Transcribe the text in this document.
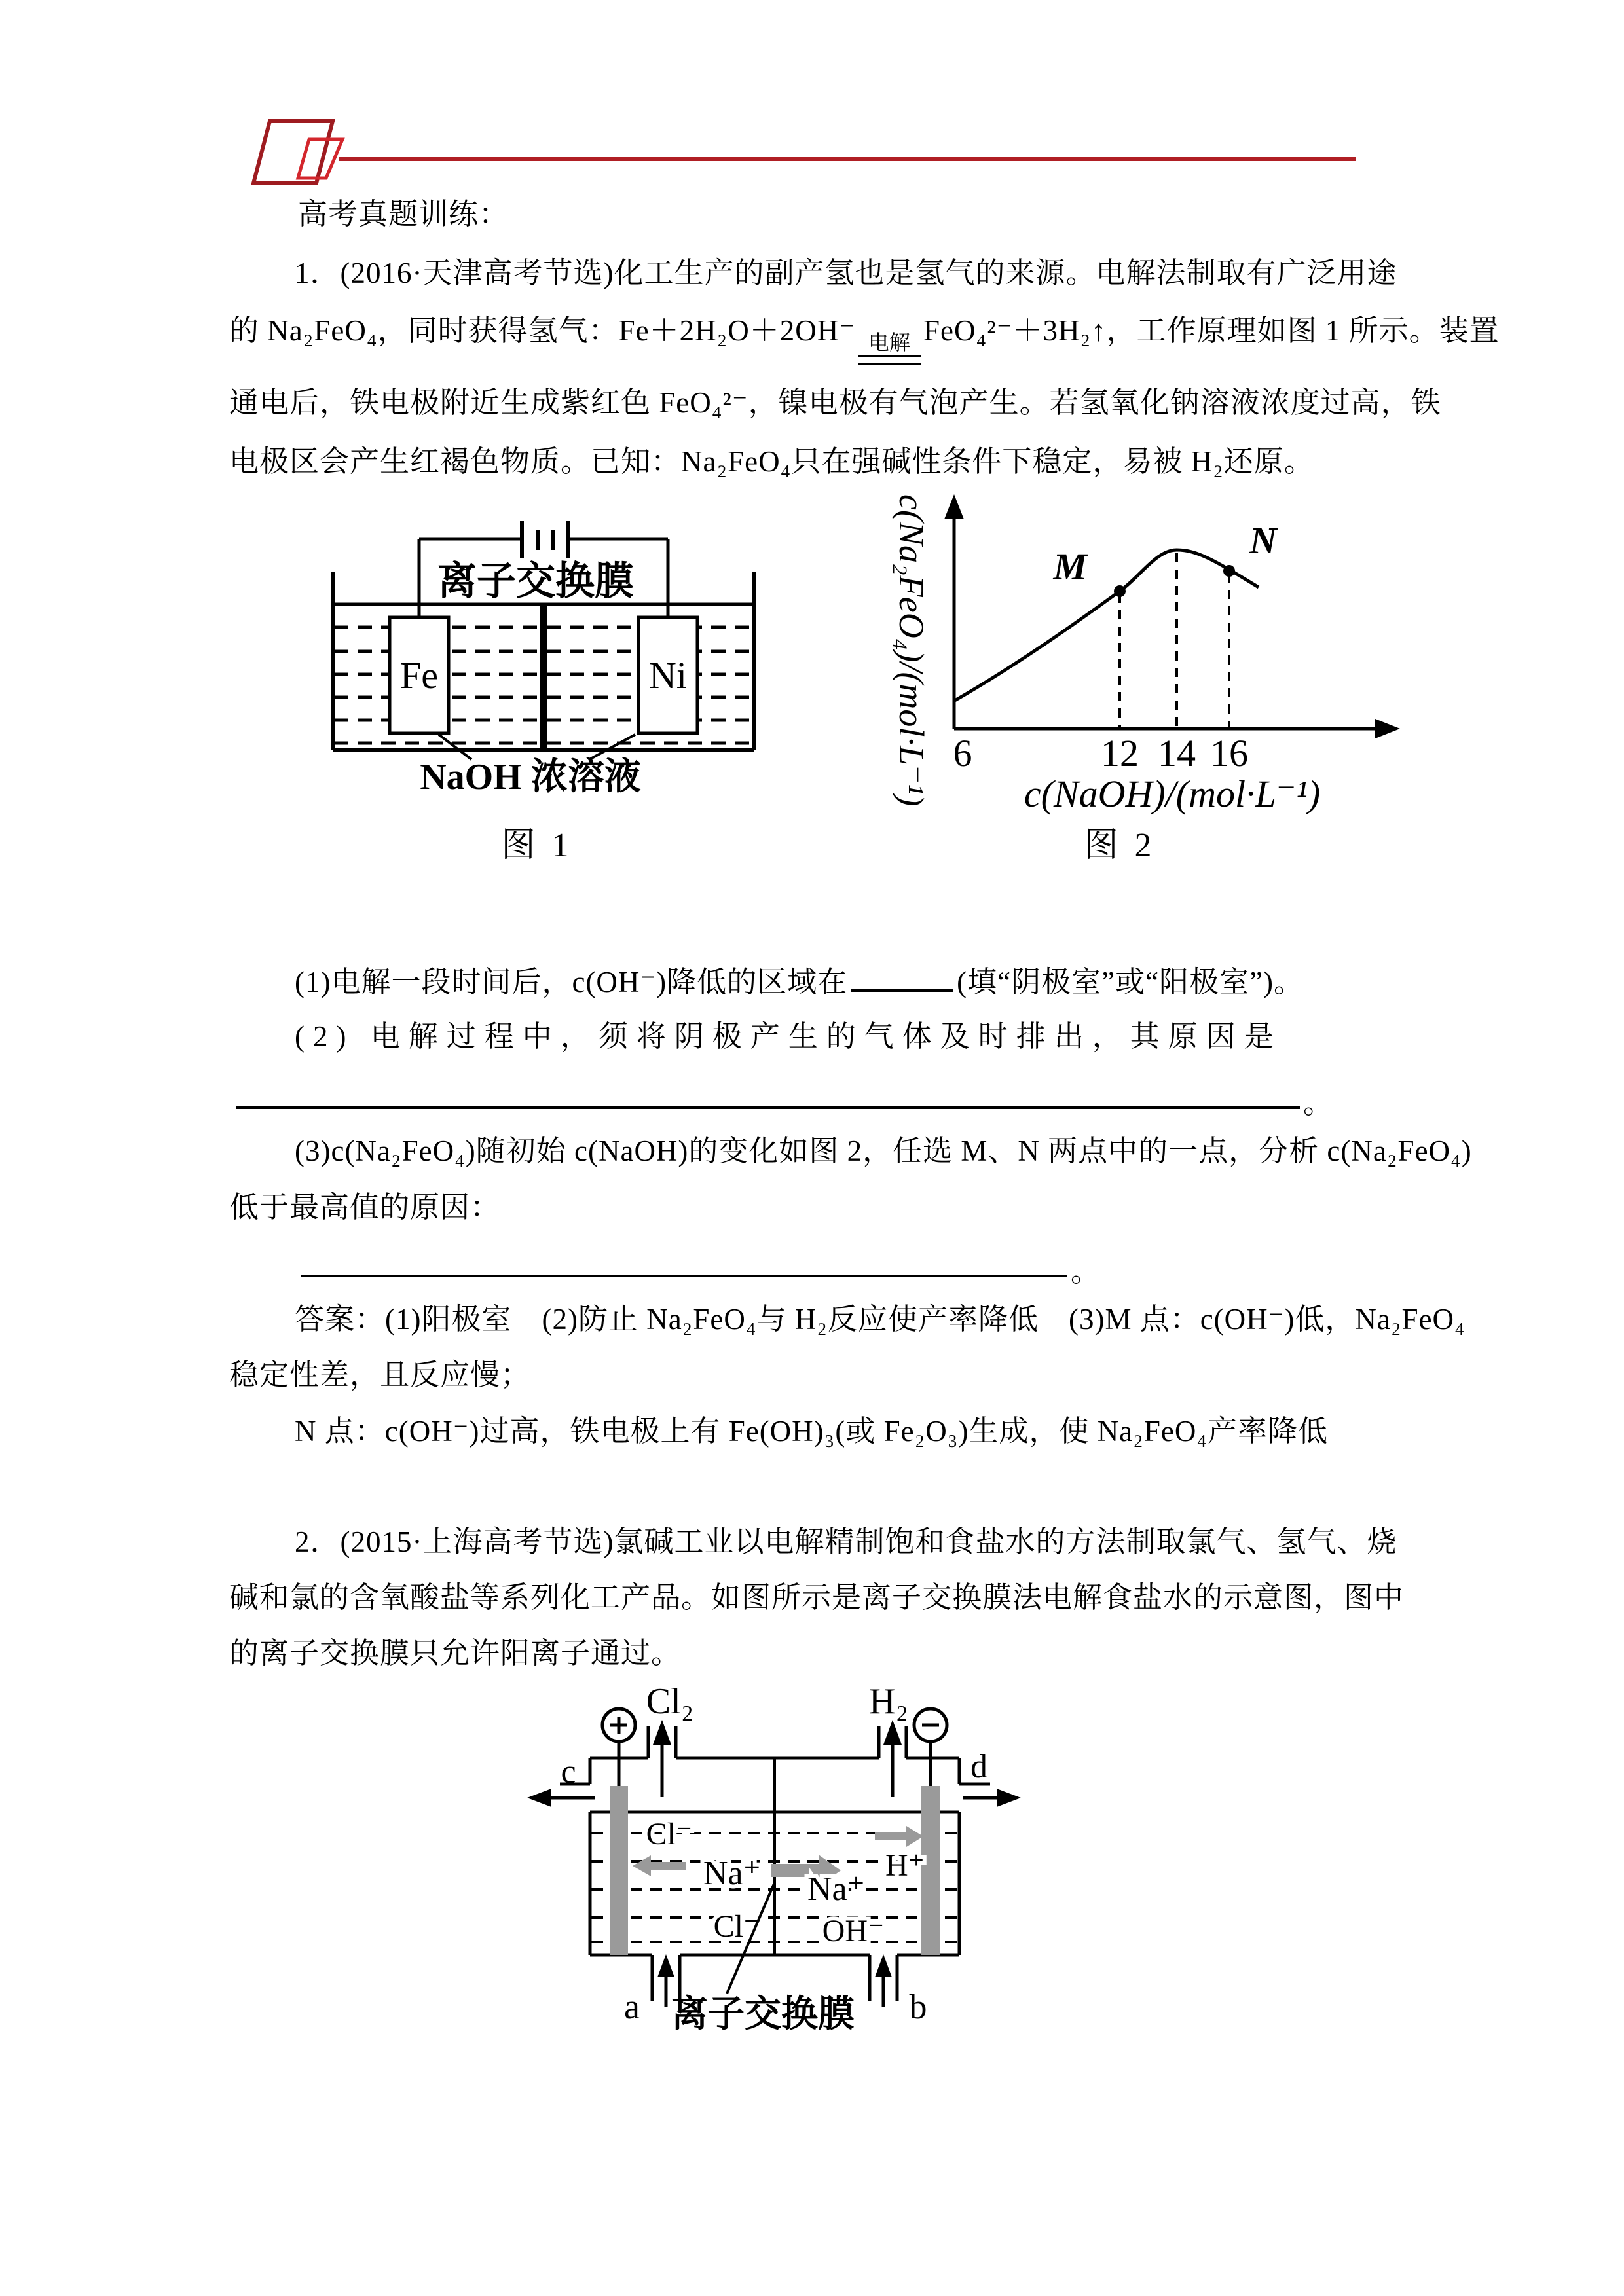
高考真题训练：
1．(2016·天津高考节选)化工生产的副产氢也是氢气的来源。电解法制取有广泛用途
的 Na₂FeO₄，同时获得氢气：Fe＋2H₂O＋2OH⁻ 电解 FeO₄²⁻＋3H₂↑，工作原理如图 1 所示。装置
通电后，铁电极附近生成紫红色 FeO₄²⁻，镍电极有气泡产生。若氢氧化钠溶液浓度过高，铁
电极区会产生红褐色物质。已知：Na₂FeO₄只在强碱性条件下稳定，易被 H₂还原。
离子交换膜
Fe	Ni
NaOH 浓溶液
图 1
c(Na₂FeO₄)/(mol·L⁻¹)	M
N
6	12 14 16
c(NaOH)/(mol·L⁻¹)
图 2
(1)电解一段时间后，c(OH⁻)降低的区域在	(填“阴极室”或“阳极室”)。
(2) 电解过程中，须将阴极产生的气体及时排出，其原因是
。
(3)c(Na₂FeO₄)随初始 c(NaOH)的变化如图 2，任选 M、N 两点中的一点，分析 c(Na₂FeO₄)
低于最高值的原因：
。
答案：(1)阳极室　(2)防止 Na₂FeO₄与 H₂反应使产率降低　(3)M 点：c(OH⁻)低，Na₂FeO₄
稳定性差，且反应慢；
N 点：c(OH⁻)过高，铁电极上有 Fe(OH)₃(或 Fe₂O₃)生成，使 Na₂FeO₄产率降低
2．(2015·上海高考节选)氯碱工业以电解精制饱和食盐水的方法制取氯气、氢气、烧
碱和氯的含氧酸盐等系列化工产品。如图所示是离子交换膜法电解食盐水的示意图，图中
的离子交换膜只允许阳离子通过。
Cl₂	H₂
c	d
Cl⁻
Na⁺
Cl⁻
Na⁺
OH⁻
H⁺
a	b
离子交换膜
